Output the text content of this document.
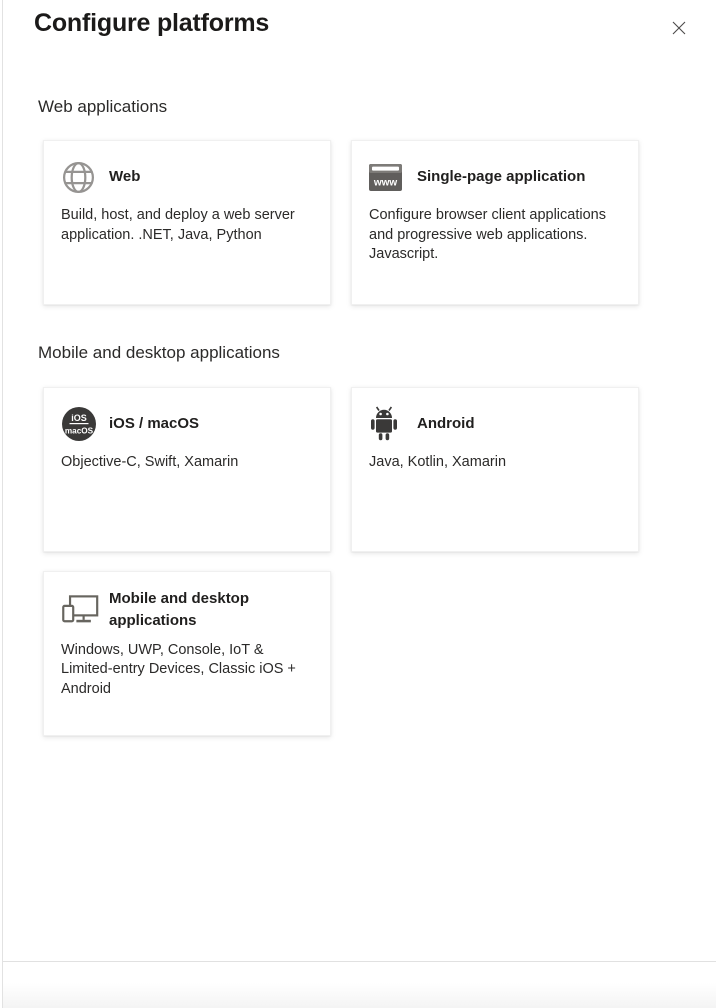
Configure platforms
Web applications
Web
Build, host, and deploy a web server application. .NET, Java, Python
www Single-page application
Configure browser client applications and progressive web applications. Javascript.
Mobile and desktop applications
iOS
macOS iOS / macOS
Objective-C, Swift, Xamarin
Android
Java, Kotlin, Xamarin
Mobile and desktop applications
Windows, UWP, Console, IoT & Limited-entry Devices, Classic iOS + Android
